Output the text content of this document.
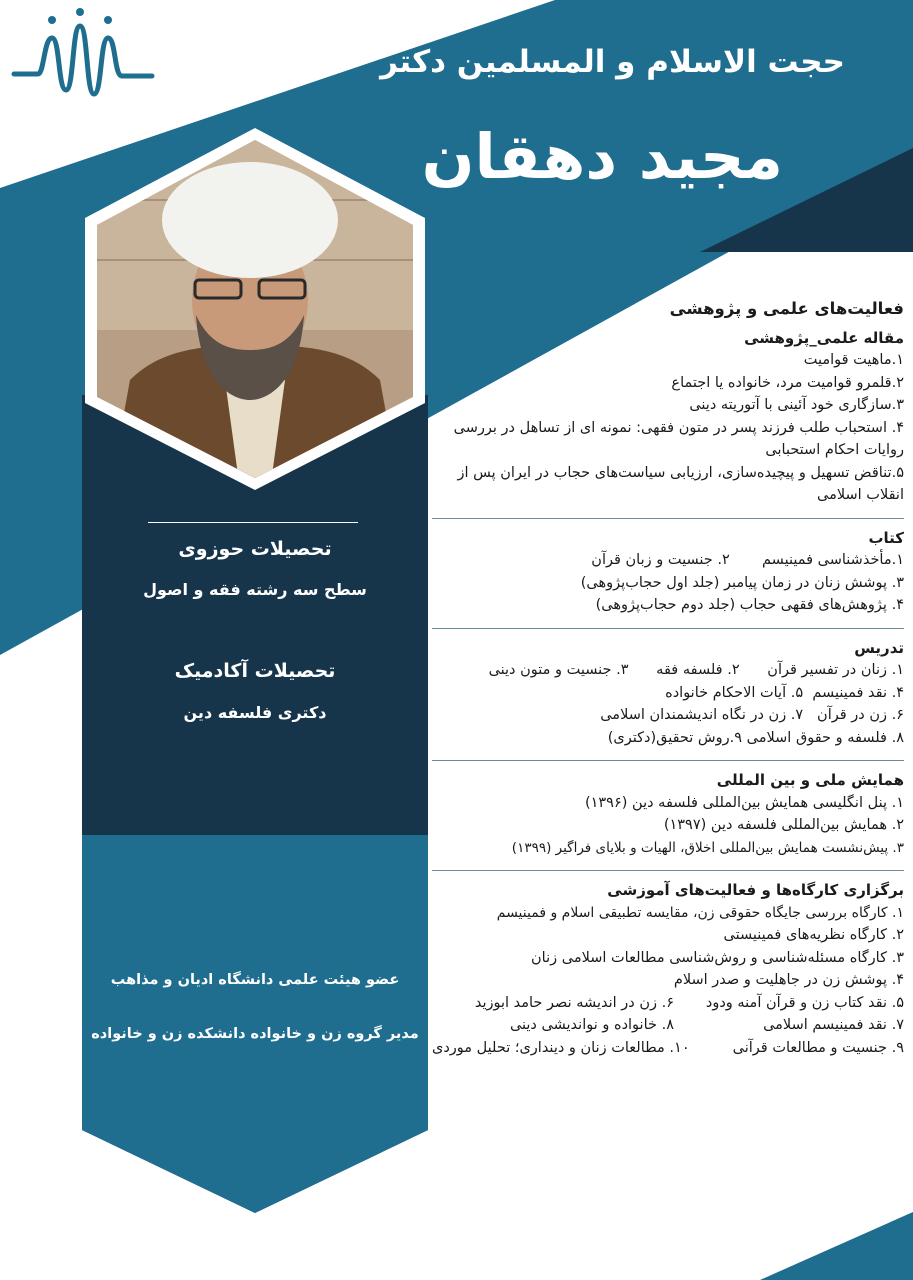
حجت الاسلام و المسلمین دکتر
مجید دهقان
تحصیلات حوزوی
سطح سه رشته فقه و اصول
تحصیلات آکادمیک
دکتری فلسفه دین
عضو هیئت علمی دانشگاه ادیان و مذاهب
مدیر گروه زن و خانواده دانشکده زن و خانواده
فعالیت‌های علمی و پژوهشی
مقاله علمی_پژوهشی
۱.ماهیت قوامیت
۲.قلمرو قوامیت مرد، خانواده یا اجتماع
۳.سازگاری خود آئینی با آتوریته دینی
۴. استحباب طلب فرزند پسر در متون فقهی: نمونه ای از تساهل در بررسی روایات احکام استحبابی
۵.تناقض تسهیل و پیچیده‌سازی، ارزیابی سیاست‌های حجاب در ایران پس از انقلاب اسلامی
کتاب
۱.مأخذشناسی فمینیسم       ۲. جنسیت و زبان قرآن
۳. پوشش زنان در زمان پیامبر (جلد اول حجاب‌پژوهی)
۴. پژوهش‌های فقهی حجاب (جلد دوم حجاب‌پژوهی)
تدریس
۱. زنان در تفسیر قرآن      ۲. فلسفه فقه      ۳. جنسیت و متون دینی
۴. نقد فمینیسم  ۵. آیات الاحکام خانواده
۶. زن در قرآن   ۷. زن در نگاه اندیشمندان اسلامی
۸. فلسفه و حقوق اسلامی ۹.روش تحقیق(دکتری)
همایش ملی و بین المللی
۱. پنل انگلیسی همایش بین‌المللی فلسفه دین (۱۳۹۶)
۲. همایش بین‌المللی فلسفه دین (۱۳۹۷)
۳. پیش‌نشست همایش بین‌المللی اخلاق، الهیات و بلایای فراگیر (۱۳۹۹)
برگزاری کارگاه‌ها و فعالیت‌های آموزشی
۱. کارگاه بررسی جایگاه حقوقی زن، مقایسه تطبیقی اسلام و فمینیسم
۲. کارگاه نظریه‌های فمینیستی
۳. کارگاه مسئله‌شناسی و روش‌شناسی مطالعات اسلامی زنان
۴. پوشش زن در جاهلیت و صدر اسلام
۵. نقد کتاب زن و قرآن آمنه ودود
۶. زن در اندیشه نصر حامد ابوزید
۷. نقد فمینیسم اسلامی
۸. خانواده و نواندیشی دینی
۹. جنسیت و مطالعات قرآنی
۱۰. مطالعات زنان و دینداری؛ تحلیل موردی
